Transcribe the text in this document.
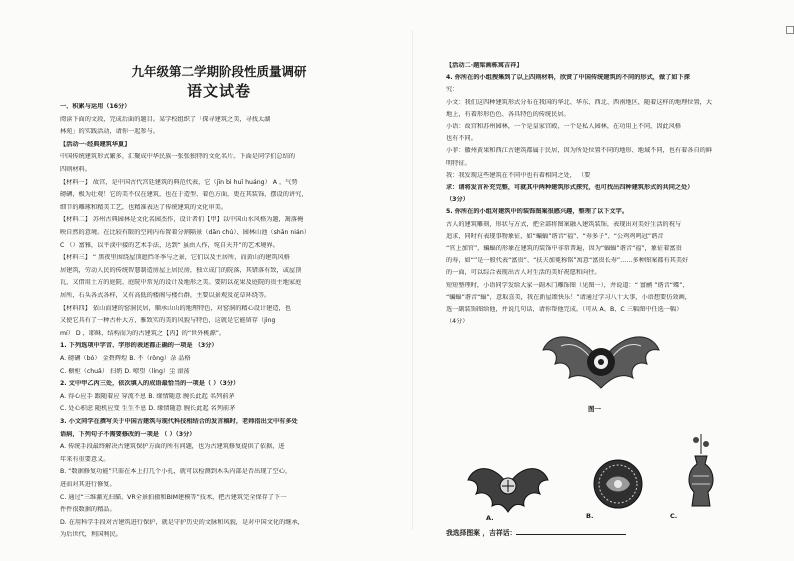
九年级第二学期阶段性质量调研
语文试卷
一、积累与运用（16分）
阅读下面的文段，完成后面的题目。某学校组织了「探寻建筑之美，寻找太湖
林苑」的实践活动，请你一起参与。
【活动一·经典建筑华夏】
中国传统建筑形式繁多，汇聚成中华民族一张张独特的文化名片。下面是同学们总结的
四则材料。
【材料一】 故宫，是中国古代宫廷建筑的典范代表，它（jīn bì huī huáng） A ，气势
磅礴，极为壮观！它的美不仅在建筑，也在于造型、着色方面，更在其装饰、摆设的讲究，
细节的雕琢和精美工艺，也精准表达了传统建筑的文化审美。
【材料二】 苏州古典园林是文化名园杰作，设计者们【甲】以中国山水风格为题，篱落掩
映自然的意境。在比较有限的空间内布置着分割隔景（dān chú）、园林山池（shān nián）
C （）富雅，以平淡中接的艺术手法，达到“ 虽由人作，宛自天开”的艺术境界。
【材料三】 “ 黑夜里围绕屋顶遮挡冬季与之景，它们以及主居所，而黄山的建筑风格
居建筑，劳动人民的传统智慧制造房屋上居民房，独立成门的院落，其错落有致，或屋顶
瓦，又借用土方的庭院、庭院中常见的设计及地形之美。要阴以花果及庭院的贵主地家庭
居所，石头各式各样，又有高低的楼阁与楼台群，主要以景观及花草环绕等。
【材料四】 依山而建的窑洞民居，顺承山山的地理特色，对窑洞的精心设计建造，也
又使它具有了一种古朴大方，雅致实的美的风貌与特色，这就是它能留存（jìng
mí） D ，耶稣，结构而为的古建筑之【丙】的“世外桃源”。
1. 下列选项中字音、字形的表述都正确的一项是 （3分）
A. 磅礴（bó） 金碧辉煌 B. 不（rǒng）杂 品格
C. 橱柜（chuǎ） 扫奶 D. 嘹望（líng）尘 滚荡
2. 文中甲乙丙三处，依次填入的成语最恰当的一项是（ ）（3分）
A. 得心应手 跟随着应 穿流不息 B. 缘情随意 腕长此起 名列前茅
C. 处心积虑 随机应变 生生不息 D. 缘情随意 腕长此起 名列前茅
3. 小文同学在撰写关于中国古建筑与现代科技相结合的发言稿时，老师指出文中有多处
语病，下列句子不需要修改的一项是 （ ）（3分）
A. 传统手段最终解决古建筑保护方面的所有问题，也为古建筑修复提供了依据，进
年来有重要意义。
B. “数据修复功能”只需在本上打几个小孔，就可以检测到木头内部是否出现了空心，
进而对其进行修复。
C. 通过“三维激光扫描、VR全景拍摄和BIM建模等”技术，把古建筑完全保存了下一
件件很数据的精品。
D. 在用科学手段对古建筑进行保护，就是守护历史的文脉和风貌，是对中国文化的继承，
为后世代，利国利民。
【活动二·题梁画栋寓吉祥】
4. 你所在的小组搜集到了以上四则材料，欣赏了中国传统建筑的不同的形式，做了如下探
究：
小文：我们这四种建筑形式分布在我国的华北、华东、西北、西南地区，随着这样的地理位置，大
地上，有着形形色色、各具特色的传统民居。
小语：故宫和苏州园林，一个是皇家宫殿，一个是私人园林，在功用上不同，因此风格
也有不同。
小菲：徽州黄果和西江古建筑都属于民居，因为所处位置不同的地形、地域不同，也有着各自的鲜
明特征。
我：我发现这些建筑在不同中也有着相同之处， （要
求：请将发言补充完整，可就其中两种建筑形式探究，也可找出四种建筑形式的共同之处）
（3分）
5. 你所在的小组对建筑中的装饰图案很感兴趣，整理了以下文字。
古人的建筑雕刻，形状与方式，把全部将图案融入建筑装饰，表现出对美好生活的祝与
追求，同时有表现事物象征，如“蝙蝠”谐音“福”、“寿多子”、“公鸡鸡鸣冠”谐音
“官上加官”，蝙蝠的形象在建筑的装饰中非常普遍，因为“蝠蝠”谐音“福”，象征着富贵
的寿，如“”是一般代表“富贵”、“扶夫加冕称铭”寓意“富贵长寿”……多种图案都有其美好
的一面，可以综合表现出古人对生活的美好祝愿和向往。
短短整理时，小语同学发给大家一副木门雕饰图（见图一），并说道：“ 富鹂 ”谐音“蝶”，
“蝙蝠”谐音“蝠”，意取喜美，我在新屋颂快乐！”请通过学习八十大事，小语想要仿效画，
选一副装饰图给他，并说几句话，请你帮他完成。（可从 A、B、C 三幅图中任选一幅）
（4分）
图一
A.	B.	C.
我选择图案 ，吉祥话：
